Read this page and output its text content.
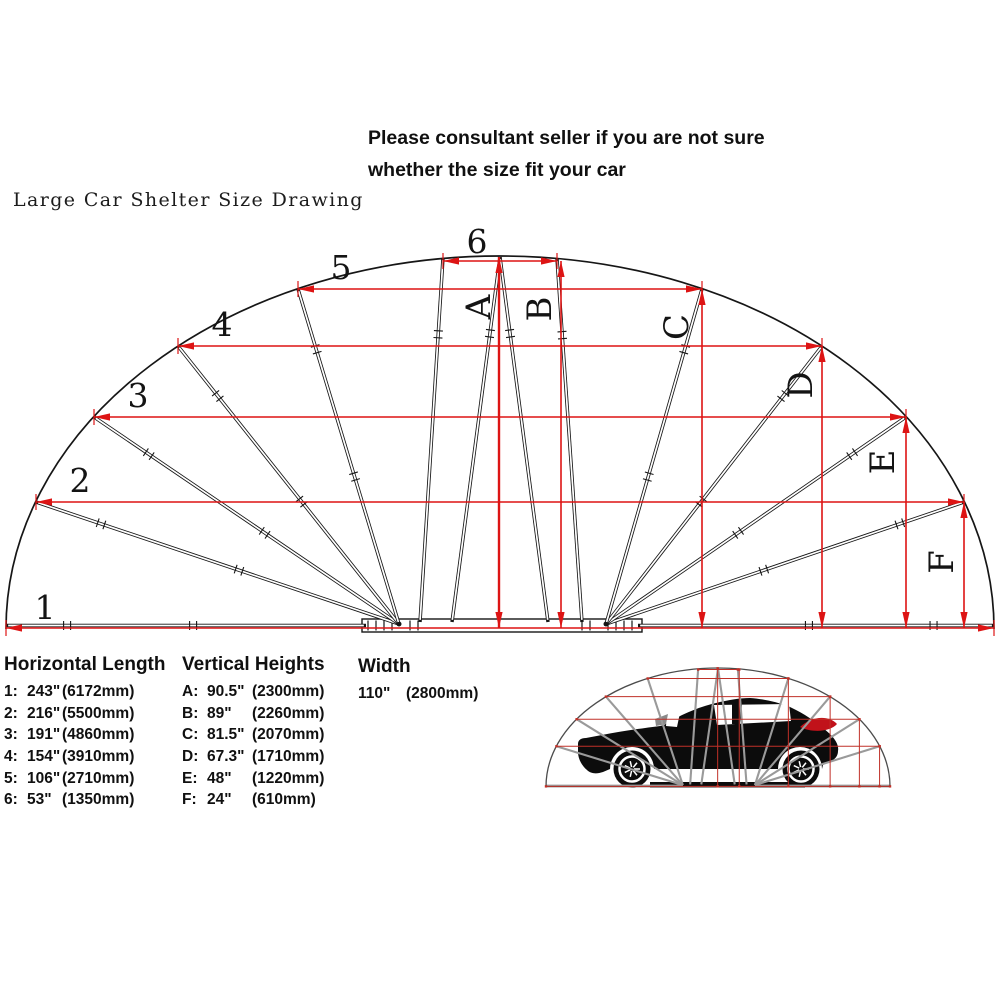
1
2
3
4
5
6
A B
C
D
E
F
Large Car Shelter Size Drawing
Please consultant seller if you are not sure
whether the size fit your car
Horizontal Length
1: 243" (6172mm)
2: 216" (5500mm)
3: 191" (4860mm)
4: 154" (3910mm)
5: 106" (2710mm)
6: 53" (1350mm)
Vertical Heights
A: 90.5" (2300mm)
B: 89" (2260mm)
C: 81.5" (2070mm)
D: 67.3" (1710mm)
E: 48" (1220mm)
F: 24" (610mm)
Width
110" (2800mm)
